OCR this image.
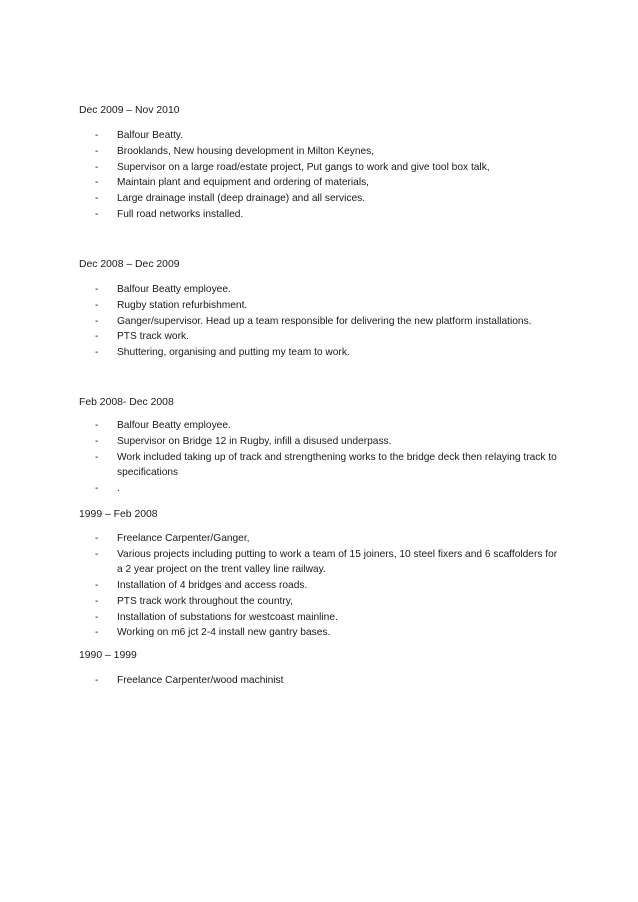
Dec 2009 – Nov 2010
- Balfour Beatty.
- Brooklands, New housing development in Milton Keynes,
- Supervisor on a large road/estate project, Put gangs to work and give tool box talk,
- Maintain plant and equipment and ordering of materials,
- Large drainage install (deep drainage) and all services.
- Full road networks installed.
Dec 2008 – Dec 2009
- Balfour Beatty employee.
- Rugby station refurbishment.
- Ganger/supervisor. Head up a team responsible for delivering the new platform installations.
- PTS track work.
- Shuttering, organising and putting my team to work.
Feb 2008- Dec 2008
- Balfour Beatty employee.
- Supervisor on Bridge 12 in Rugby, infill a disused underpass.
- Work included taking up of track and strengthening works to the bridge deck then relaying track to specifications
- .
1999 – Feb 2008
- Freelance Carpenter/Ganger,
- Various projects including putting to work a team of 15 joiners, 10 steel fixers and 6 scaffolders for a 2 year project on the trent valley line railway.
- Installation of 4 bridges and access roads.
- PTS track work throughout the country,
- Installation of substations for westcoast mainline.
- Working on m6 jct 2-4 install new gantry bases.
1990 – 1999
- Freelance Carpenter/wood machinist
